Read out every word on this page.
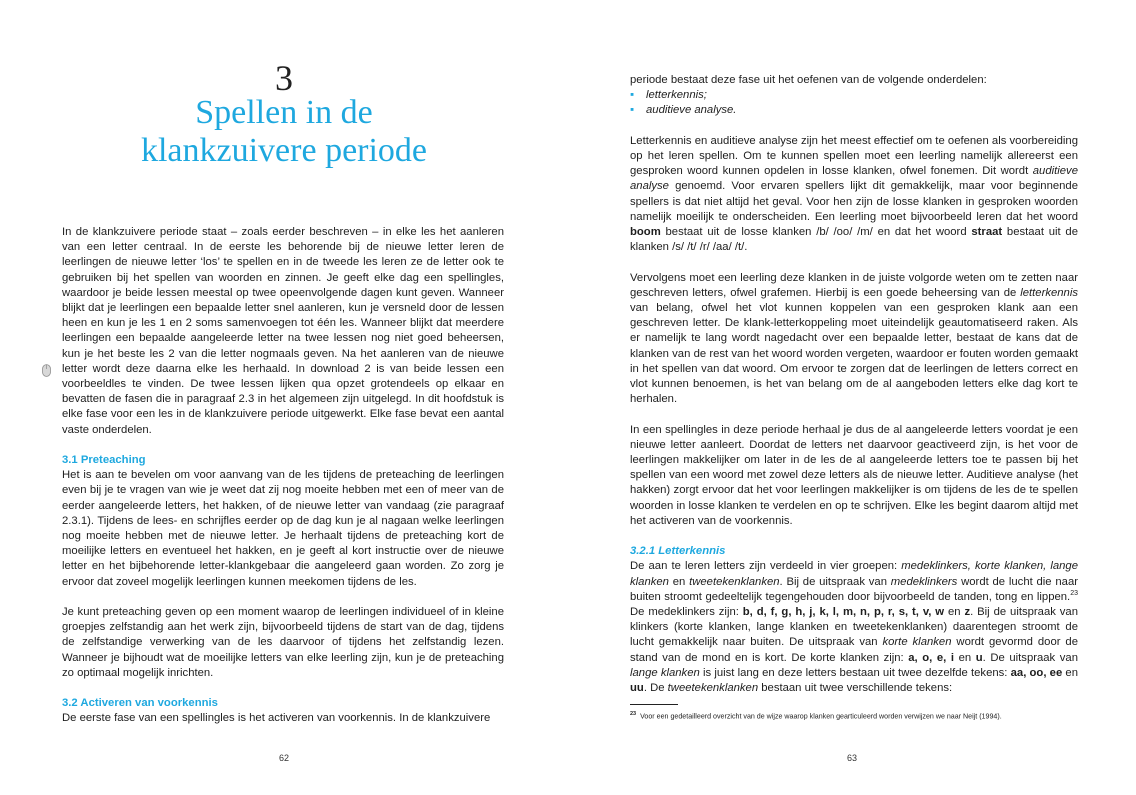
3
Spellen in de
klankzuivere periode

In de klankzuivere periode staat – zoals eerder beschreven – in elke les het aanleren van een letter centraal. In de eerste les behorende bij de nieuwe letter leren de leerlingen de nieuwe letter ‘los’ te spellen en in de tweede les leren ze de letter ook te gebruiken bij het spellen van woorden en zinnen. Je geeft elke dag een spellingles, waardoor je beide lessen meestal op twee opeenvolgende dagen kunt geven. Wanneer blijkt dat je leerlingen een bepaalde letter snel aanleren, kun je versneld door de lessen heen en kun je les 1 en 2 soms samenvoegen tot één les. Wanneer blijkt dat meerdere leerlingen een bepaalde aangeleerde letter na twee lessen nog niet goed beheersen, kun je het beste les 2 van die letter nogmaals geven. Na het aanleren van de nieuwe letter wordt deze daarna elke les herhaald. In download 2 is van beide lessen een voorbeeldles te vinden. De twee lessen lijken qua opzet grotendeels op elkaar en bevatten de fasen die in paragraaf 2.3 in het algemeen zijn uitgelegd. In dit hoofdstuk is elke fase voor een les in de klankzuivere periode uitgewerkt. Elke fase bevat een aantal vaste onderdelen.

3.1 Preteaching

Het is aan te bevelen om voor aanvang van de les tijdens de preteaching de leerlingen even bij je te vragen van wie je weet dat zij nog moeite hebben met een of meer van de eerder aangeleerde letters, het hakken, of de nieuwe letter van vandaag (zie paragraaf 2.3.1). Tijdens de lees- en schrijfles eerder op de dag kun je al nagaan welke leerlingen nog moeite hebben met de nieuwe letter. Je herhaalt tijdens de preteaching kort de moeilijke letters en eventueel het hakken, en je geeft al kort instructie over de nieuwe letter en het bijbehorende letter-klankgebaar die aangeleerd gaan worden. Zo zorg je ervoor dat zoveel mogelijk leerlingen kunnen meekomen tijdens de les.

Je kunt preteaching geven op een moment waarop de leerlingen individueel of in kleine groepjes zelfstandig aan het werk zijn, bijvoorbeeld tijdens de start van de dag, tijdens de zelfstandige verwerking van de les daarvoor of tijdens het zelfstandig lezen. Wanneer je bijhoudt wat de moeilijke letters van elke leerling zijn, kun je de preteaching zo optimaal mogelijk inrichten.

3.2 Activeren van voorkennis

De eerste fase van een spellingles is het activeren van voorkennis. In de klankzuivere

62

periode bestaat deze fase uit het oefenen van de volgende onderdelen:

▪ letterkennis;
▪ auditieve analyse.

Letterkennis en auditieve analyse zijn het meest effectief om te oefenen als voorbereiding op het leren spellen. Om te kunnen spellen moet een leerling namelijk allereerst een gesproken woord kunnen opdelen in losse klanken, ofwel fonemen. Dit wordt auditieve analyse genoemd. Voor ervaren spellers lijkt dit gemakkelijk, maar voor beginnende spellers is dat niet altijd het geval. Voor hen zijn de losse klanken in gesproken woorden namelijk moeilijk te onderscheiden. Een leerling moet bijvoorbeeld leren dat het woord boom bestaat uit de losse klanken /b/ /oo/ /m/ en dat het woord straat bestaat uit de klanken /s/ /t/ /r/ /aa/ /t/.

Vervolgens moet een leerling deze klanken in de juiste volgorde weten om te zetten naar geschreven letters, ofwel grafemen. Hierbij is een goede beheersing van de letterkennis van belang, ofwel het vlot kunnen koppelen van een gesproken klank aan een geschreven letter. De klank-letterkoppeling moet uiteindelijk geautomatiseerd raken. Als er namelijk te lang wordt nagedacht over een bepaalde letter, bestaat de kans dat de klanken van de rest van het woord worden vergeten, waardoor er fouten worden gemaakt in het spellen van dat woord. Om ervoor te zorgen dat de leerlingen de letters correct en vlot kunnen benoemen, is het van belang om de al aangeboden letters elke dag kort te herhalen.

In een spellingles in deze periode herhaal je dus de al aangeleerde letters voordat je een nieuwe letter aanleert. Doordat de letters net daarvoor geactiveerd zijn, is het voor de leerlingen makkelijker om later in de les de al aangeleerde letters toe te passen bij het spellen van een woord met zowel deze letters als de nieuwe letter. Auditieve analyse (het hakken) zorgt ervoor dat het voor leerlingen makkelijker is om tijdens de les de te spellen woorden in losse klanken te verdelen en op te schrijven. Elke les begint daarom altijd met het activeren van de voorkennis.

3.2.1 Letterkennis

De aan te leren letters zijn verdeeld in vier groepen: medeklinkers, korte klanken, lange klanken en tweetekenklanken. Bij de uitspraak van medeklinkers wordt de lucht die naar buiten stroomt gedeeltelijk tegengehouden door bijvoorbeeld de tanden, tong en lippen.$^{23}$ De medeklinkers zijn: b, d, f, g, h, j, k, l, m, n, p, r, s, t, v, w en z. Bij de uitspraak van klinkers (korte klanken, lange klanken en tweetekenklanken) daarentegen stroomt de lucht gemakkelijk naar buiten. De uitspraak van korte klanken wordt gevormd door de stand van de mond en is kort. De korte klanken zijn: a, o, e, i en u. De uitspraak van lange klanken is juist lang en deze letters bestaan uit twee dezelfde tekens: aa, oo, ee en uu. De tweetekenklanken bestaan uit twee verschillende tekens:

$^{23}$ Voor een gedetailleerd overzicht van de wijze waarop klanken gearticuleerd worden verwijzen we naar Neijt (1994).
63
